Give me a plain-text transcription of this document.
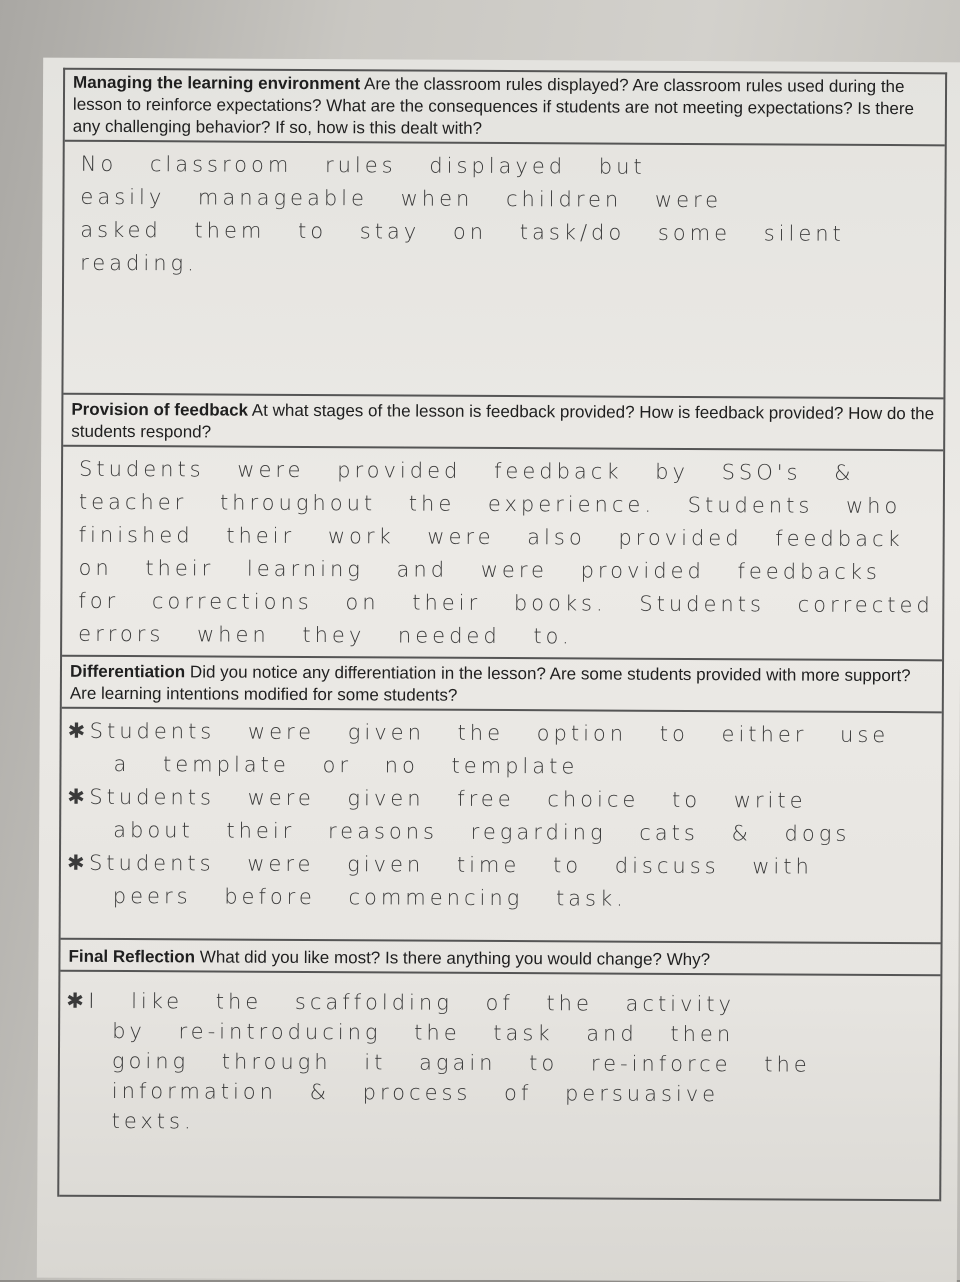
Managing the learning environment Are the classroom rules displayed? Are classroom rules used during the lesson to reinforce expectations? What are the consequences if students are not meeting expectations? Is there any challenging behavior? If so, how is this dealt with?
No classroom rules displayed but
easily manageable when children were
asked them to stay on task/do some silent
reading.
Provision of feedback At what stages of the lesson is feedback provided? How is feedback provided? How do the students respond?
Students were provided feedback by SSO's &
teacher throughout the experience. Students who
finished their work were also provided feedback
on their learning and were provided feedbacks
for corrections on their books. Students corrected
errors when they needed to.
Differentiation Did you notice any differentiation in the lesson? Are some students provided with more support? Are learning intentions modified for some students?
✱ Students were given the option to either use
a template or no template
✱ Students were given free choice to write
about their reasons regarding cats & dogs
✱ Students were given time to discuss with
peers before commencing task.
Final Reflection What did you like most? Is there anything you would change? Why?
✱ I like the scaffolding of the activity
by re-introducing the task and then
going through it again to re-inforce the
information & process of persuasive
texts.
